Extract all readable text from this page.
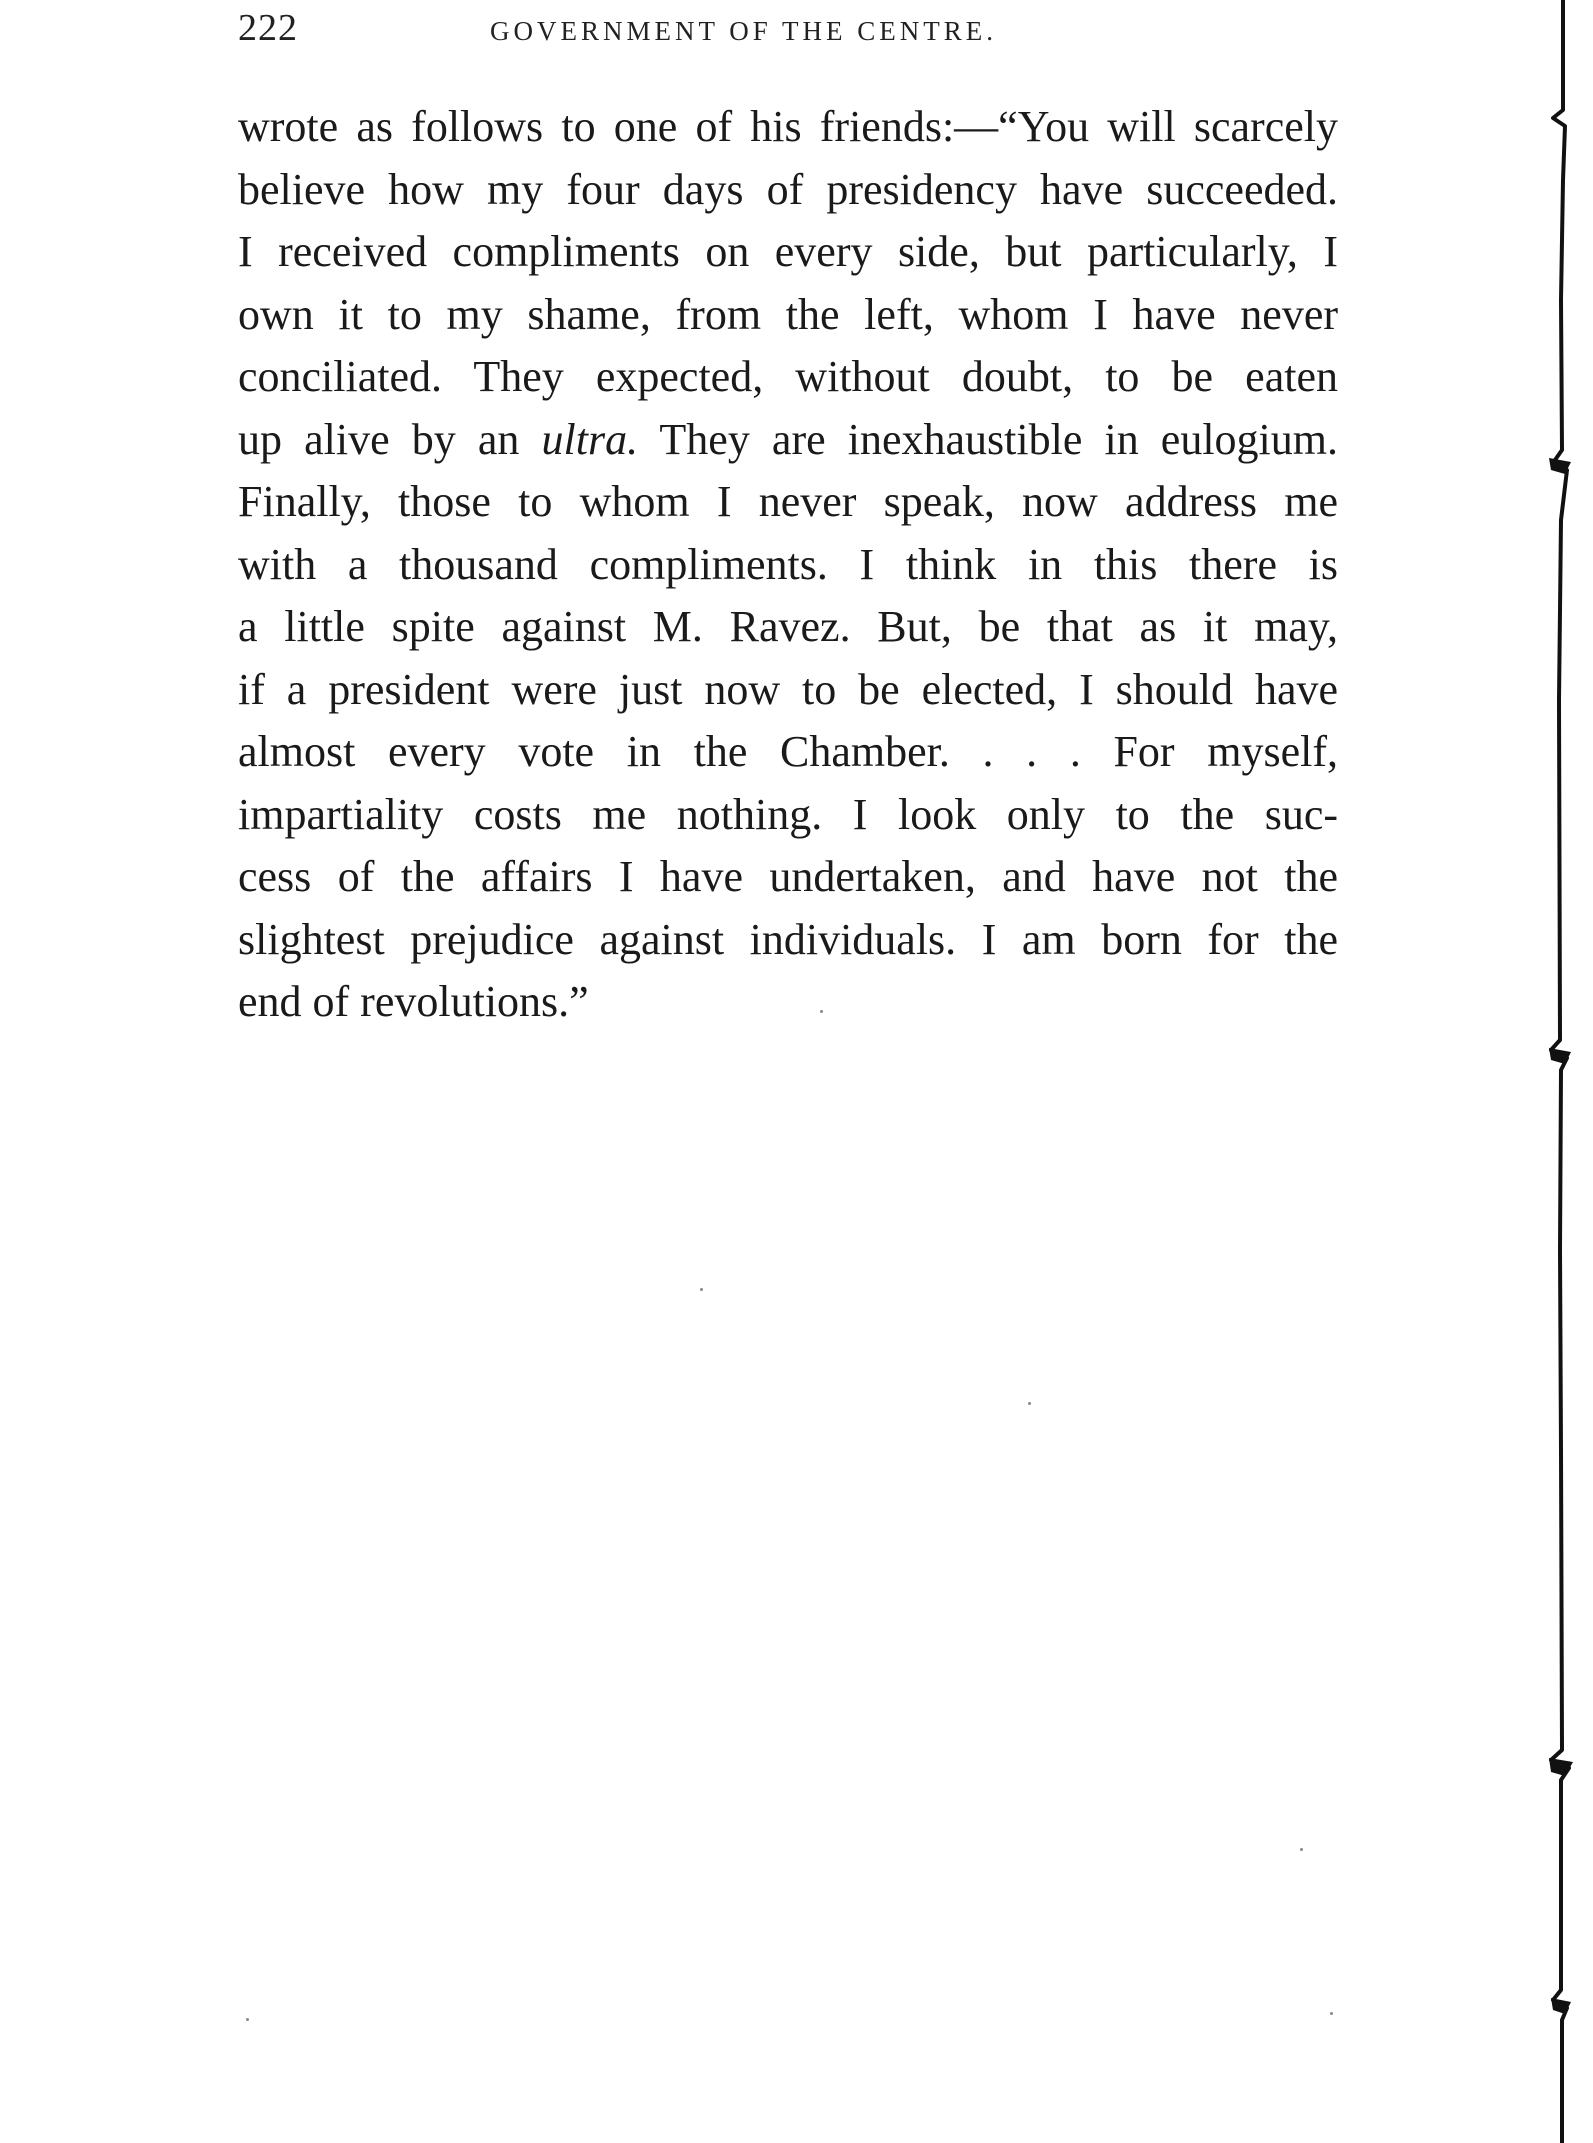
222	GOVERNMENT OF THE CENTRE.
wrote as follows to one of his friends:—“You will scarcely
believe how my four days of presidency have succeeded.
I received compliments on every side, but particularly, I
own it to my shame, from the left, whom I have never
conciliated. They expected, without doubt, to be eaten
up alive by an ultra. They are inexhaustible in eulogium.
Finally, those to whom I never speak, now address me
with a thousand compliments. I think in this there is
a little spite against M. Ravez. But, be that as it may,
if a president were just now to be elected, I should have
almost every vote in the Chamber. . . . For myself,
impartiality costs me nothing. I look only to the suc-
cess of the affairs I have undertaken, and have not the
slightest prejudice against individuals. I am born for the
end of revolutions.”
